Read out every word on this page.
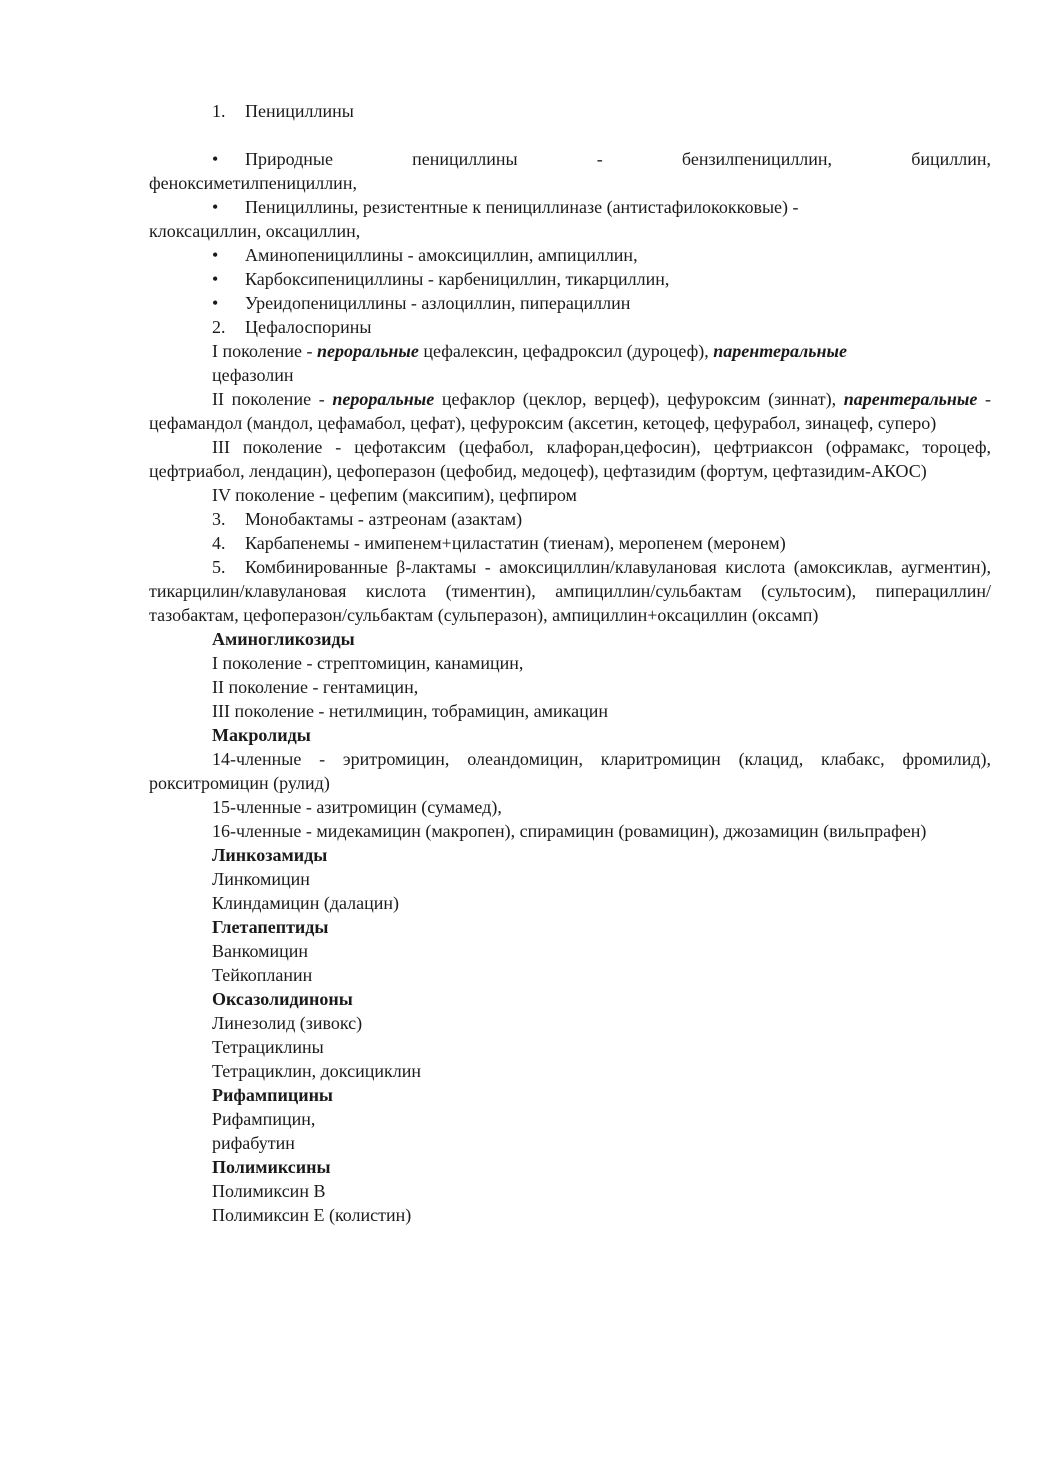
1. Пенициллины
• Природные пенициллины - бензилпенициллин, бициллин,
феноксиметилпенициллин,
• Пенициллины, резистентные к пенициллиназе (антистафилококковые) -
клоксациллин, оксациллин,
• Аминопенициллины - амоксициллин, ампициллин,
• Карбоксипенициллины - карбенициллин, тикарциллин,
• Уреидопенициллины - азлоциллин, пиперациллин
2. Цефалоспорины
I поколение - пероральные цефалексин, цефадроксил (дуроцеф), парентеральные
цефазолин
II поколение - пероральные цефаклор (цеклор, верцеф), цефуроксим (зиннат), парентеральные - цефамандол (мандол, цефамабол, цефат), цефуроксим (аксетин, кетоцеф, цефурабол, зинацеф, суперо)
III поколение - цефотаксим (цефабол, клафоран,цефосин), цефтриаксон (офрамакс, тороцеф, цефтриабол, лендацин), цефоперазон (цефобид, медоцеф), цефтазидим (фортум, цефтазидим-АКОС)
IV поколение - цефепим (максипим), цефпиром
3. Монобактамы - азтреонам (азактам)
4. Карбапенемы - имипенем+циластатин (тиенам), меропенем (меронем)
5. Комбинированные β-лактамы - амоксициллин/клавулановая кислота (амоксиклав, аугментин), тикарцилин/клавулановая кислота (тиментин), ампициллин/сульбактам (сультосим), пиперациллин/ тазобактам, цефоперазон/сульбактам (сульперазон), ампициллин+оксациллин (оксамп)
Аминогликозиды
I поколение - стрептомицин, канамицин,
II поколение - гентамицин,
III поколение - нетилмицин, тобрамицин, амикацин
Макролиды
14-членные - эритромицин, олеандомицин, кларитромицин (клацид, клабакс, фромилид), рокситромицин (рулид)
15-членные - азитромицин (сумамед),
16-членные - мидекамицин (макропен), спирамицин (ровамицин), джозамицин (вильпрафен)
Линкозамиды
Линкомицин
Клиндамицин (далацин)
Глетапептиды
Ванкомицин
Тейкопланин
Оксазолидиноны
Линезолид (зивокс)
Тетрациклины
Тетрациклин, доксициклин
Рифампицины
Рифампицин,
рифабутин
Полимиксины
Полимиксин В
Полимиксин Е (колистин)
